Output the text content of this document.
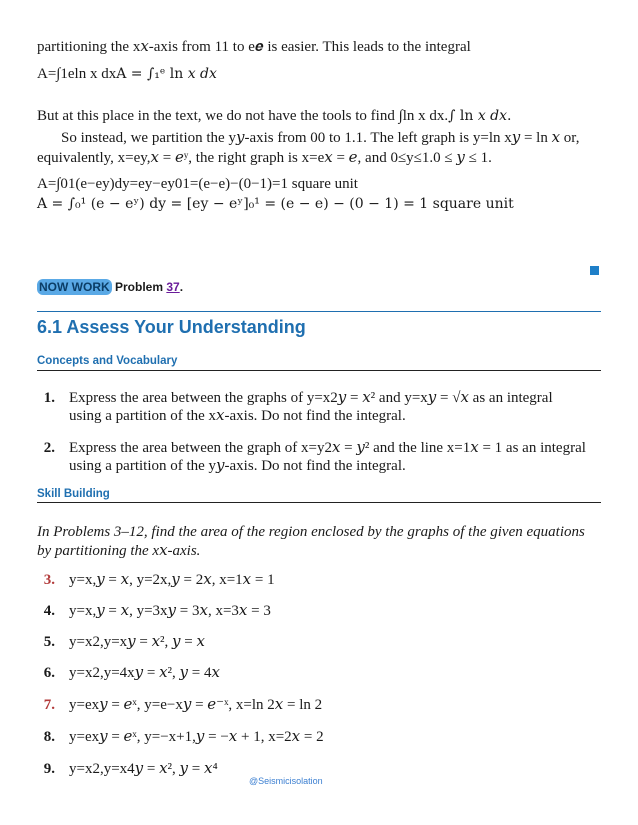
partitioning the x𝑥-axis from 11 to e𝒆 is easier. This leads to the integral
A=∫1eln x dxA = ∫₁ᵉ ln 𝑥 𝑑𝑥
But at this place in the text, we do not have the tools to find ∫ln x dx.∫ ln 𝑥 𝑑𝑥.
So instead, we partition the y𝑦-axis from 00 to 1.1. The left graph is y=ln x𝑦 = ln 𝑥 or,
equivalently, x=ey,𝑥 = 𝑒ʸ, the right graph is x=e𝑥 = 𝑒, and 0≤y≤1.0 ≤ 𝑦 ≤ 1.
A=∫01(e−ey)dy=ey−ey01=(e−e)−(0−1)=1 square unit
A = ∫₀¹ (e − eʸ) dy = [ey − eʸ]₀¹ = (e − e) − (0 − 1) = 1 square unit
NOW WORK Problem 37.
6.1 Assess Your Understanding
Concepts and Vocabulary
1. Express the area between the graphs of y=x2𝑦 = 𝑥² and y=x𝑦 = √𝑥 as an integral
using a partition of the x𝑥-axis. Do not find the integral.
2. Express the area between the graph of x=y2𝑥 = 𝑦² and the line x=1𝑥 = 1 as an integral
using a partition of the y𝑦-axis. Do not find the integral.
Skill Building
In Problems 3–12, find the area of the region enclosed by the graphs of the given equations
by partitioning the x𝑥-axis.
3. y=x,𝑦 = 𝑥, y=2x,𝑦 = 2𝑥, x=1𝑥 = 1
4. y=x,𝑦 = 𝑥, y=3x𝑦 = 3𝑥, x=3𝑥 = 3
5. y=x2,y=x𝑦 = 𝑥², 𝑦 = 𝑥
6. y=x2,y=4x𝑦 = 𝑥², 𝑦 = 4𝑥
7. y=ex𝑦 = 𝑒ˣ, y=e−x𝑦 = 𝑒⁻ˣ, x=ln 2𝑥 = ln 2
8. y=ex𝑦 = 𝑒ˣ, y=−x+1,𝑦 = −𝑥 + 1, x=2𝑥 = 2
9. y=x2,y=x4𝑦 = 𝑥², 𝑦 = 𝑥⁴
@Seismicisolation
